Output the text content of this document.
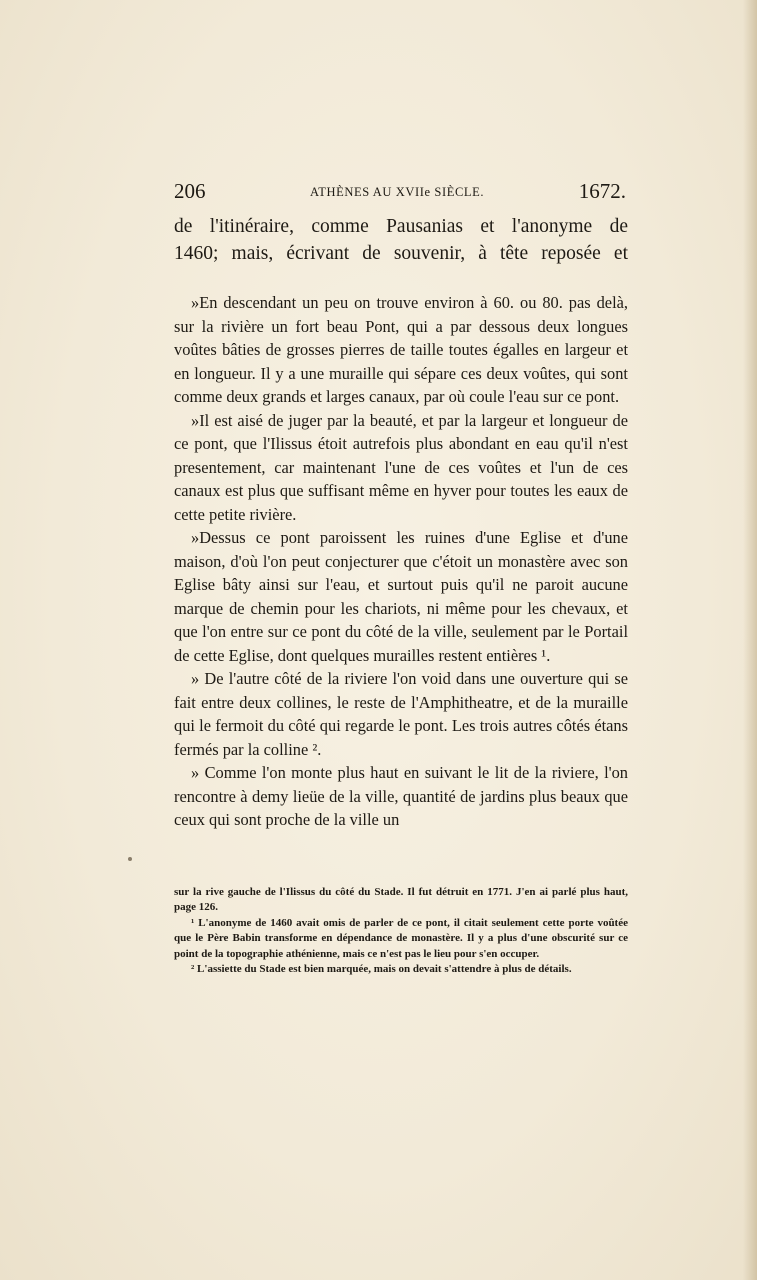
206	ATHÈNES AU XVIIe SIÈCLE.	1672.
de l'itinéraire, comme Pausanias et l'anonyme de
1460; mais, écrivant de souvenir, à tête reposée et

»En descendant un peu on trouve environ à 60. ou 80. pas delà, sur la rivière un fort beau Pont, qui a par dessous deux longues voûtes bâties de grosses pierres de taille toutes égalles en largeur et en longueur. Il y a une muraille qui sépare ces deux voûtes, qui sont comme deux grands et larges canaux, par où coule l'eau sur ce pont.

»Il est aisé de juger par la beauté, et par la largeur et longueur de ce pont, que l'Ilissus étoit autrefois plus abondant en eau qu'il n'est presentement, car maintenant l'une de ces voûtes et l'un de ces canaux est plus que suffisant même en hyver pour toutes les eaux de cette petite rivière.

»Dessus ce pont paroissent les ruines d'une Eglise et d'une maison, d'où l'on peut conjecturer que c'étoit un monastère avec son Eglise bâty ainsi sur l'eau, et surtout puis qu'il ne paroit aucune marque de chemin pour les chariots, ni même pour les chevaux, et que l'on entre sur ce pont du côté de la ville, seulement par le Portail de cette Eglise, dont quelques murailles restent entières ¹.

» De l'autre côté de la riviere l'on void dans une ouverture qui se fait entre deux collines, le reste de l'Amphitheatre, et de la muraille qui le fermoit du côté qui regarde le pont. Les trois autres côtés étans fermés par la colline ².

» Comme l'on monte plus haut en suivant le lit de la riviere, l'on rencontre à demy lieüe de la ville, quantité de jardins plus beaux que ceux qui sont proche de la ville un

sur la rive gauche de l'Ilissus du côté du Stade. Il fut détruit en 1771. J'en ai parlé plus haut, page 126.

¹ L'anonyme de 1460 avait omis de parler de ce pont, il citait seulement cette porte voûtée que le Père Babin transforme en dépendance de monastère. Il y a plus d'une obscurité sur ce point de la topographie athénienne, mais ce n'est pas le lieu pour s'en occuper.

² L'assiette du Stade est bien marquée, mais on devait s'attendre à plus de détails.
